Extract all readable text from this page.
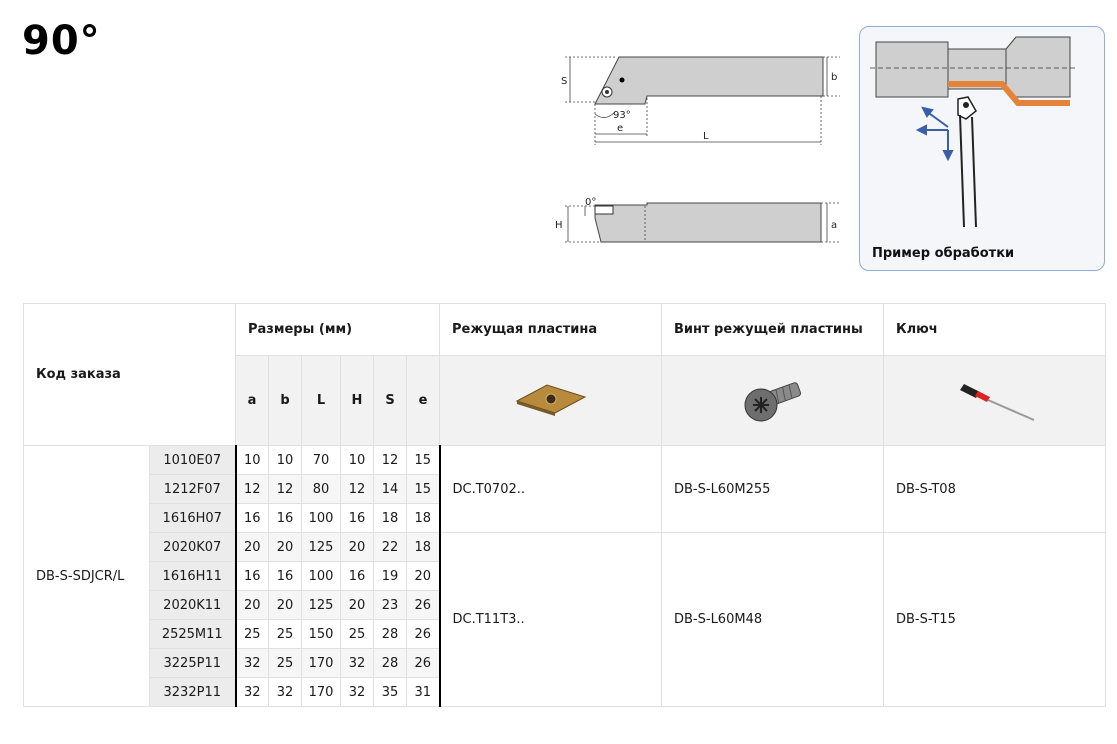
90°
S	b
93°
e
L
0°
H	a
Пример обработки
Код заказа		Размеры (мм)						Режущая пластина	Винт режущей пластины	Ключ
		a	b	L	H	S	e			
DB-S-SDJCR/L	1010E07	10	10	70	10	12	15	DC.T0702..	DB-S-L60M255	DB-S-T08
	1212F07	12	12	80	12	14	15			
	1616H07	16	16	100	16	18	18			
	2020K07	20	20	125	20	22	18	DC.T11T3..	DB-S-L60M48	DB-S-T15
	1616H11	16	16	100	16	19	20			
	2020K11	20	20	125	20	23	26			
	2525M11	25	25	150	25	28	26			
	3225P11	32	25	170	32	28	26			
	3232P11	32	32	170	32	35	31			
